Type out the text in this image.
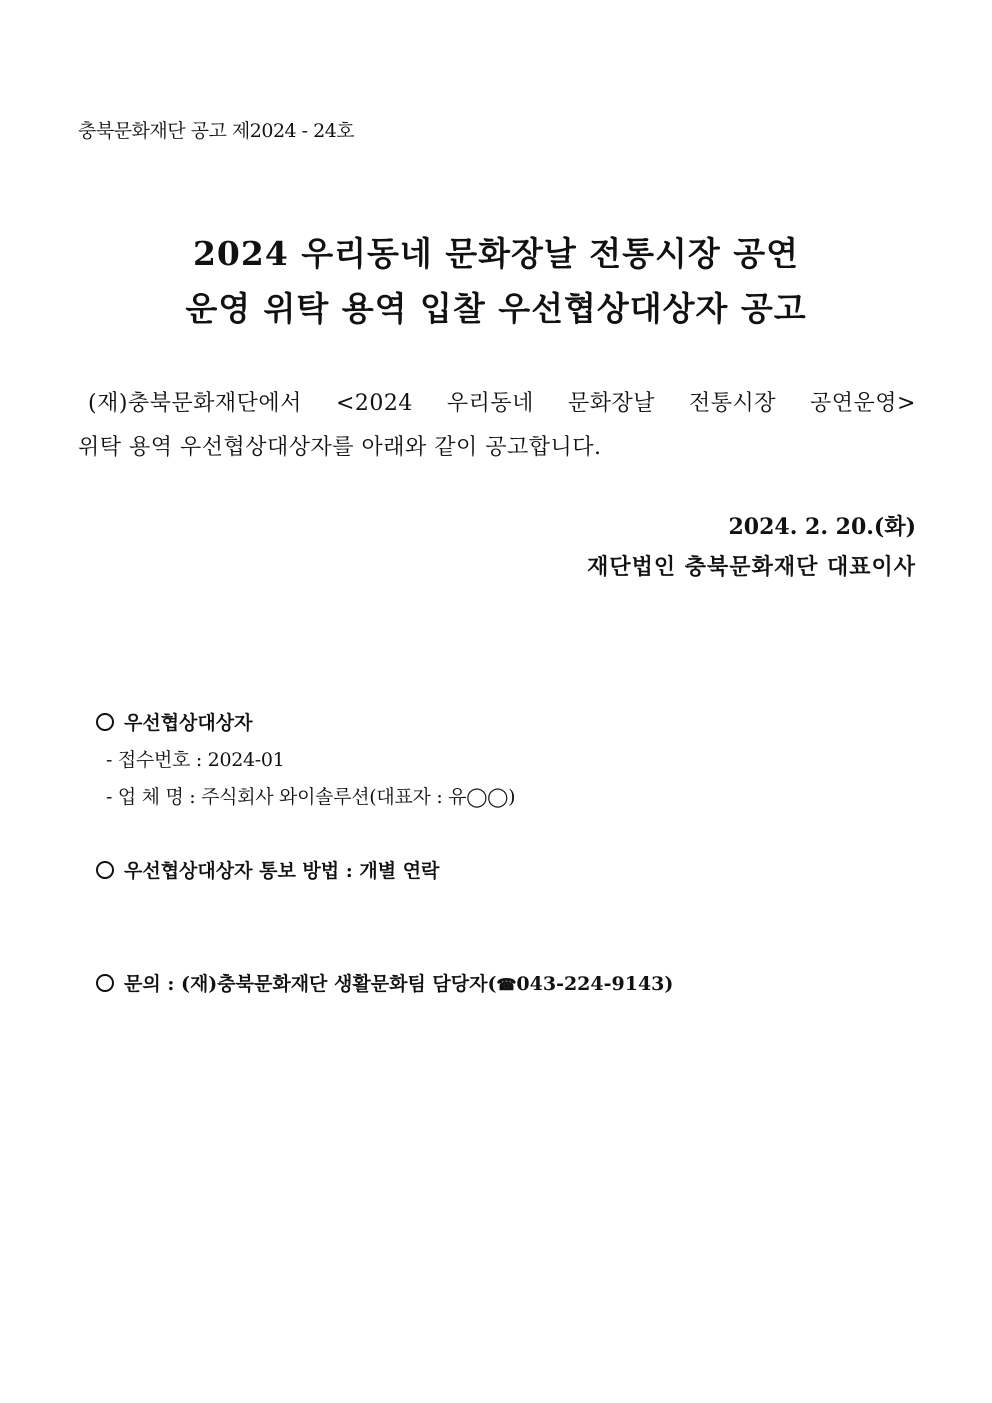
충북문화재단 공고 제2024 - 24호
2024 우리동네 문화장날 전통시장 공연
운영 위탁 용역 입찰 우선협상대상자 공고
(재)충북문화재단에서 <2024 우리동네 문화장날 전통시장 공연운영>
위탁 용역 우선협상대상자를 아래와 같이 공고합니다.
2024. 2. 20.(화)
재단법인 충북문화재단 대표이사
우선협상대상자
- 접수번호 : 2024-01
- 업 체 명 : 주식회사 와이솔루션(대표자 : 유◯◯)
우선협상대상자 통보 방법 : 개별 연락
문의 : (재)충북문화재단 생활문화팀 담당자(☎043-224-9143)
